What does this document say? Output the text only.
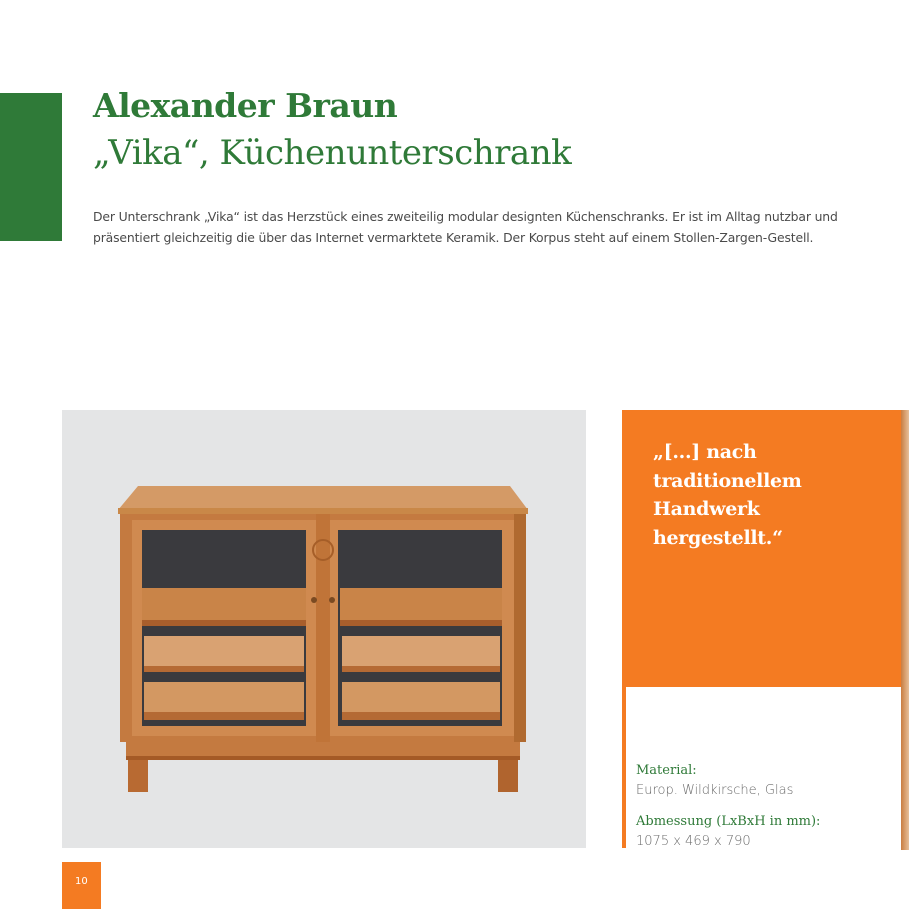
Alexander Braun
„Vika“, Küchenunterschrank

Der Unterschrank „Vika“ ist das Herzstück eines zweiteilig modular designten Küchenschranks. Er ist im Alltag nutzbar und präsentiert gleichzeitig die über das Internet vermarktete Keramik. Der Korpus steht auf einem Stollen-Zargen-Gestell.

„[...] nach traditionellem Handwerk hergestellt.“

Material:
Europ. Wildkirsche, Glas
Abmessung (LxBxH in mm):
1075 x 469 x 790
10
